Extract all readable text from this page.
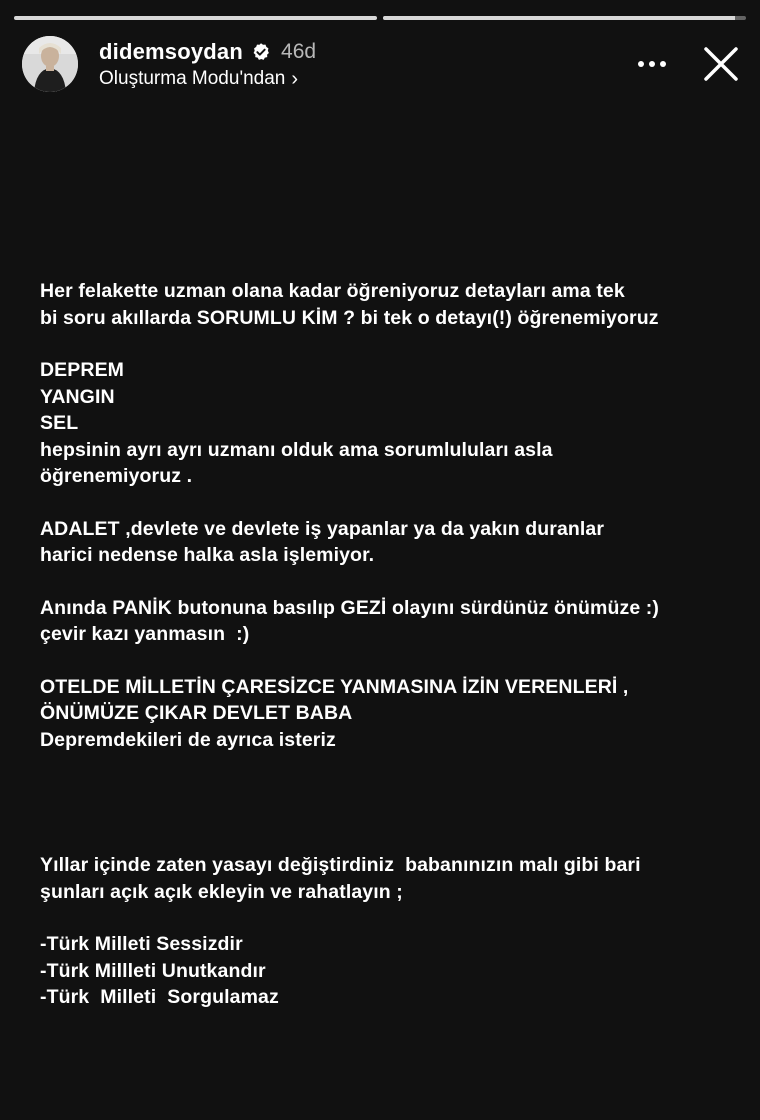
didemsoydan 46d
Oluşturma Modu'ndan ›

Her felakette uzman olana kadar öğreniyoruz detayları ama tek
bi soru akıllarda SORUMLU KİM ? bi tek o detayı(!) öğrenemiyoruz

DEPREM
YANGIN
SEL
hepsinin ayrı ayrı uzmanı olduk ama sorumluluları asla
öğrenemiyoruz .

ADALET ,devlete ve devlete iş yapanlar ya da yakın duranlar
harici nedense halka asla işlemiyor.

Anında PANİK butonuna basılıp GEZİ olayını sürdünüz önümüze :)
çevir kazı yanmasın  :)

OTELDE MİLLETİN ÇARESİZCE YANMASINA İZİN VERENLERİ ,
ÖNÜMÜZE ÇIKAR DEVLET BABA
Depremdekileri de ayrıca isteriz

Yıllar içinde zaten yasayı değiştirdiniz  babanınızın malı gibi bari
şunları açık açık ekleyin ve rahatlayın ;

-Türk Milleti Sessizdir
-Türk Millleti Unutkandır
-Türk  Milleti  Sorgulamaz
